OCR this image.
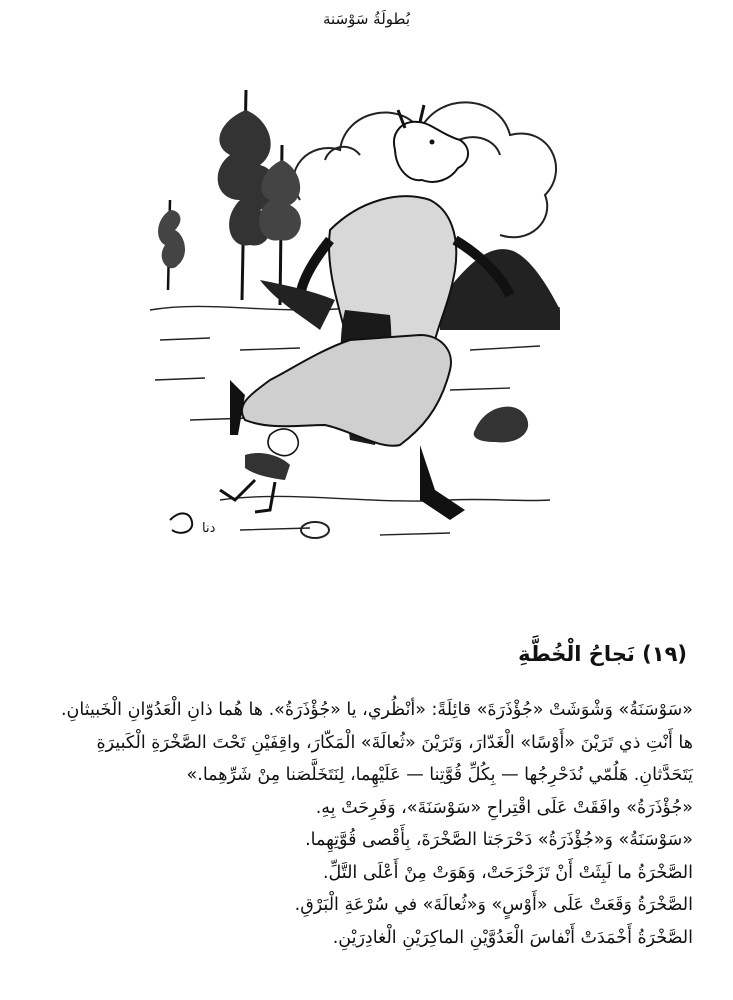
بُطولَةُ سَوْسَنة
دنا
(١٩) نَجاحُ الْخُطَّةِ

«سَوْسَنَةُ» وَشْوَشَتْ «جُؤْذَرَةَ» قائِلَةً: «أنْظُري، يا «جُؤْذَرَةُ». ها هُما ذانِ الْعَدُوّانِ الْخَبيثانِ.

ها أَنْتِ ذي تَرَيْنَ «أَوْسًا» الْغَدّارَ، وَتَرَيْنَ «ثُعالَةَ» الْمَكّارَ، واقِفَيْنِ تَحْتَ الصَّخْرَةِ الْكَبيرَةِ

يَتَحَدَّثانِ. هَلُمّي نُدَحْرِجُها — بِكُلِّ قُوَّتِنا — عَلَيْهِما، لِنَتَخَلَّصَنا مِنْ شَرِّهِما.»

«جُؤْذَرَةُ» وافَقَتْ عَلَى اقْتِراحِ «سَوْسَنَةَ»، وَفَرِحَتْ بِهِ.

«سَوْسَنَةُ» وَ«جُؤْذَرَةُ» دَحْرَجَتا الصَّخْرَةَ، بِأَقْصى قُوَّتِهِما.

الصَّخْرَةُ ما لَبِثَتْ أَنْ تَزَحْزَحَتْ، وَهَوَتْ مِنْ أَعْلَى التَّلِّ.

الصَّخْرَةُ وَقَعَتْ عَلَى «أَوْسٍ» وَ«ثُعالَةَ» في سُرْعَةِ الْبَرْقِ.

الصَّخْرَةُ أَخْمَدَتْ أَنْفاسَ الْعَدُوَّيْنِ الماكِرَيْنِ الْغادِرَيْنِ.
